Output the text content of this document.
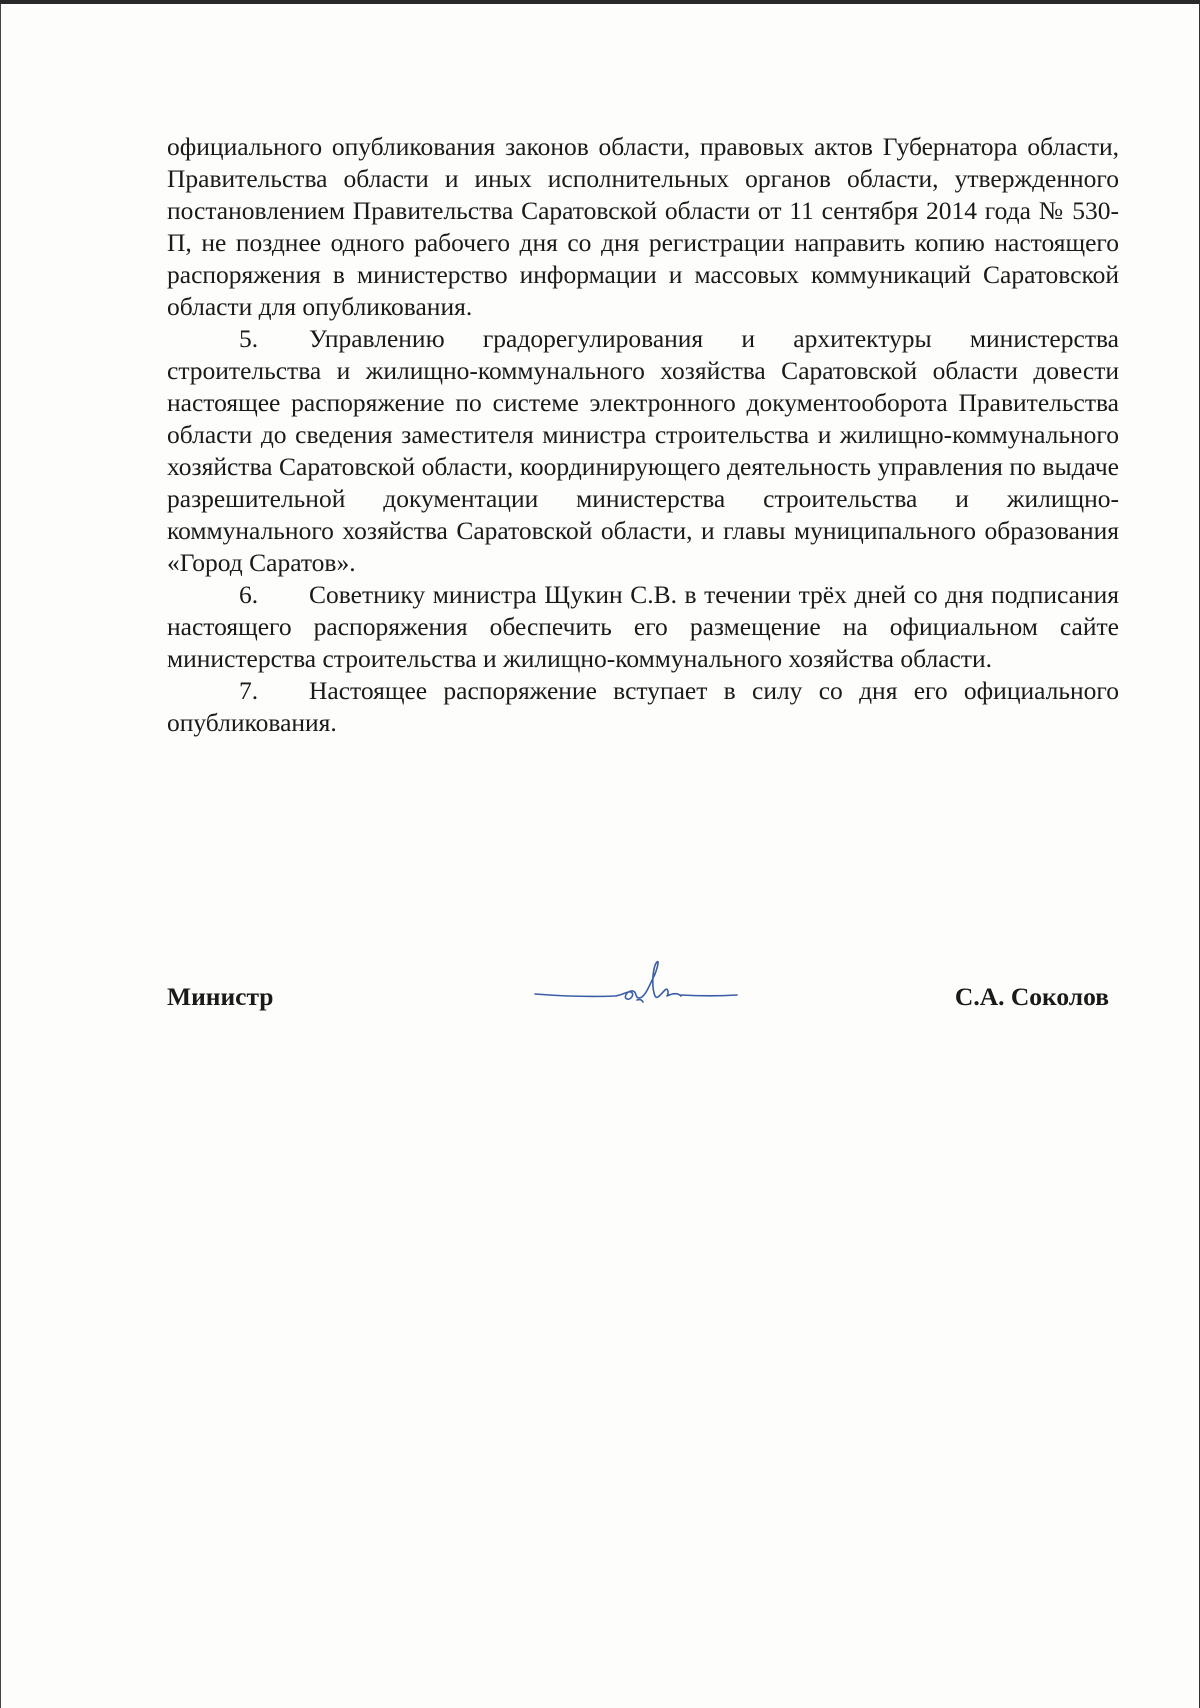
официального опубликования законов области, правовых актов Губернатора области, Правительства области и иных исполнительных органов области, утвержденного постановлением Правительства Саратовской области от 11 сентября 2014 года № 530-П, не позднее одного рабочего дня со дня регистрации направить копию настоящего распоряжения в министерство информации и массовых коммуникаций Саратовской области для опубликования.

5. Управлению градорегулирования и архитектуры министерства строительства и жилищно-коммунального хозяйства Саратовской области довести настоящее распоряжение по системе электронного документооборота Правительства области до сведения заместителя министра строительства и жилищно-коммунального хозяйства Саратовской области, координирующего деятельность управления по выдаче разрешительной документации министерства строительства и жилищно-коммунального хозяйства Саратовской области, и главы муниципального образования «Город Саратов».

6. Советнику министра Щукин С.В. в течении трёх дней со дня подписания настоящего распоряжения обеспечить его размещение на официальном сайте министерства строительства и жилищно-коммунального хозяйства области.

7. Настоящее распоряжение вступает в силу со дня его официального опубликования.

Министр	С.А. Соколов
